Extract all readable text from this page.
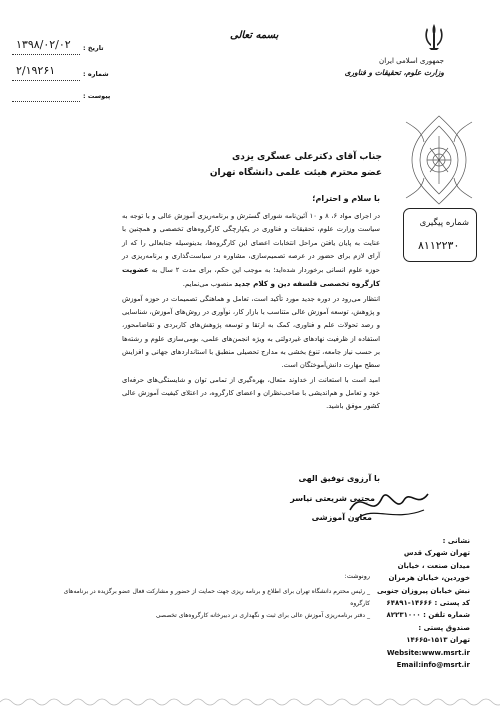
جمهوری اسلامی ایران
وزارت علوم، تحقیقات و فناوری
بسمه تعالی
تاریخ :
۱۳۹۸/۰۲/۰۲
شماره :
۲/۱۹۲۶۱
پیوست :
شماره پیگیری
۸۱۱۲۲۳۰
جناب آقای دکترعلی عسگری یزدی
عضو محترم هیئت علمی دانشگاه تهران
با سلام و احترام؛

در اجرای مواد ۶، ۸ و ۱۰ آئین‌نامه شورای گسترش و برنامه‌ریزی آموزش عالی و با توجه به سیاست وزارت علوم، تحقیقات و فناوری در یکپارچگی کارگروه‌های تخصصی و همچنین با عنایت به پایان یافتن مراحل انتخابات اعضای این کارگروه‌ها، بدینوسیله جنابعالی را که از آرای لازم برای حضور در عرصه تصمیم‌سازی، مشاوره در سیاست‌گذاری و برنامه‌ریزی در حوزه علوم انسانی برخوردار شده‌اید؛ به موجب این حکم، برای مدت ۲ سال به عضویت کارگروه تخصصی فلسفه دین و کلام جدید منصوب می‌نمایم.

انتظار می‌رود در دوره جدید مورد تأکید است، تعامل و هماهنگی تصمیمات در حوزه آموزش و پژوهش، توسعه آموزش عالی متناسب با بازار کار، نوآوری در روش‌های آموزش، شناسایی و رصد تحولات علم و فناوری، کمک به ارتقا و توسعه پژوهش‌های کاربردی و تقاضامحور، استفاده از ظرفیت نهادهای غیردولتی به ویژه انجمن‌های علمی، بومی‌سازی علوم و رشته‌ها بر حسب نیاز جامعه، تنوع بخشی به مدارج تحصیلی منطبق با استانداردهای جهانی و افزایش سطح مهارت دانش‌آموختگان است.

امید است با استعانت از خداوند متعال، بهره‌گیری از تمامی توان و شایستگی‌های حرفه‌ای خود و تعامل و هم‌اندیشی با صاحب‌نظران و اعضای کارگروه، در اعتلای کیفیت آموزش عالی کشور موفق باشید.

با آرزوی توفیق الهی
مجتبی شریعتی نیاسر
معاون آموزشی
نشانی :
تهران شهرک قدس
میدان صنعت ، خیابان
خوردین، خیابان هرمزان
نبش خیابان پیروزان جنوبی
کد پستی : ۱۴۶۶۶-۶۴۸۹۱
شماره تلفن : ۸۲۲۳۱۰۰۰
صندوق پستی :
تهران ۱۵۱۳-۱۴۶۶۵
Website:www.msrt.ir
Email:info@msrt.ir
رونوشت:
_ رئیس محترم دانشگاه تهران برای اطلاع و برنامه ریزی جهت حمایت از حضور و مشارکت فعال عضو برگزیده در برنامه‌های
کارگروه
_ دفتر برنامه‌ریزی آموزش عالی برای ثبت و نگهداری در دبیرخانه کارگروه‌های تخصصی
